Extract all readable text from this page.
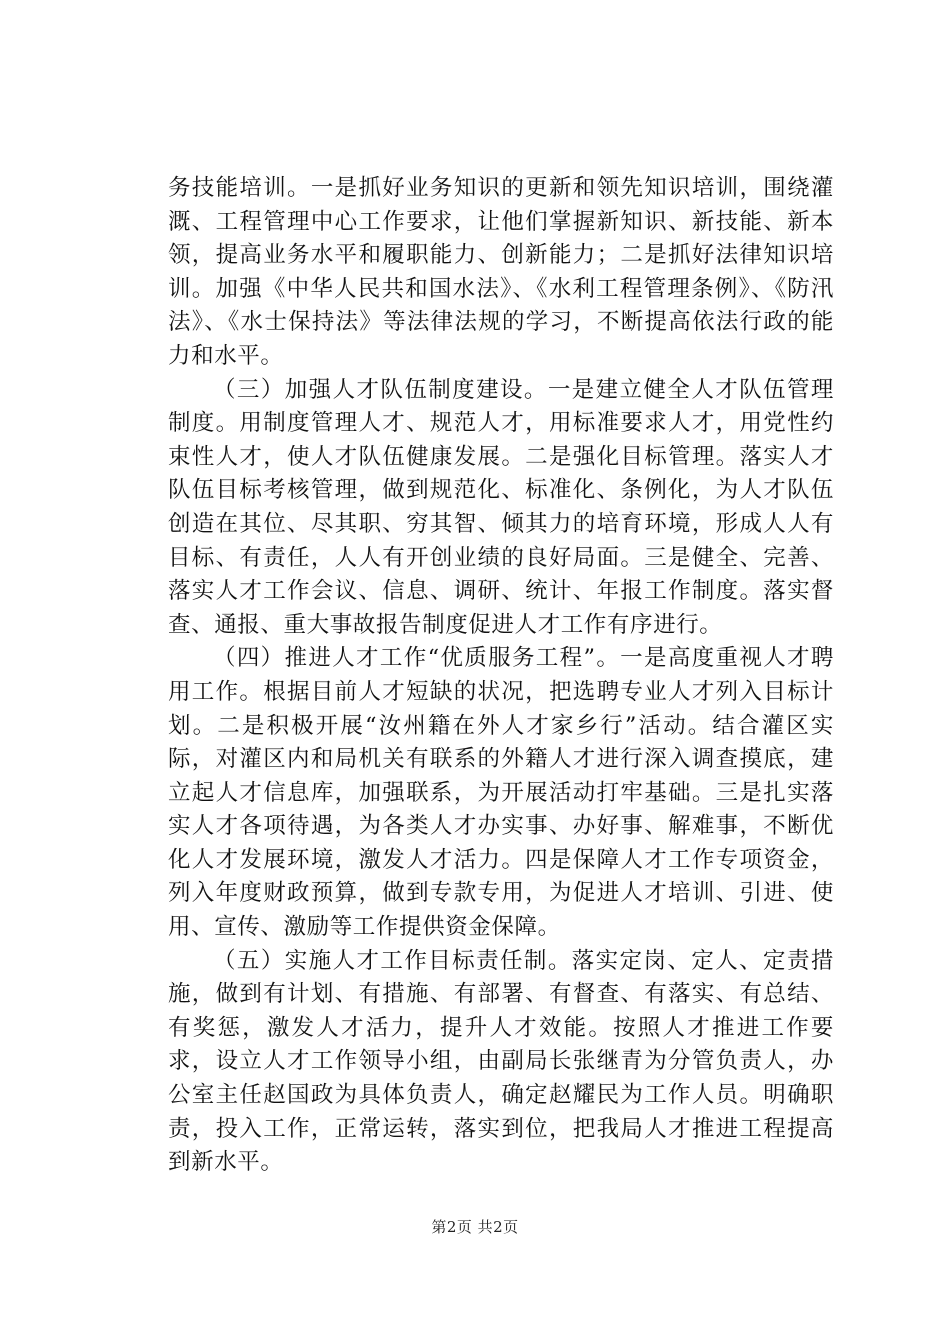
务技能培训。一是抓好业务知识的更新和领先知识培训，围绕灌溉、工程管理中心工作要求，让他们掌握新知识、新技能、新本领，提高业务水平和履职能力、创新能力；二是抓好法律知识培训。加强《中华人民共和国水法》、《水利工程管理条例》、《防汛法》、《水士保持法》等法律法规的学习，不断提高依法行政的能力和水平。

（三）加强人才队伍制度建设。一是建立健全人才队伍管理制度。用制度管理人才、规范人才，用标准要求人才，用党性约束性人才，使人才队伍健康发展。二是强化目标管理。落实人才队伍目标考核管理，做到规范化、标准化、条例化，为人才队伍创造在其位、尽其职、穷其智、倾其力的培育环境，形成人人有目标、有责任，人人有开创业绩的良好局面。三是健全、完善、落实人才工作会议、信息、调研、统计、年报工作制度。落实督查、通报、重大事故报告制度促进人才工作有序进行。

（四）推进人才工作“优质服务工程”。一是高度重视人才聘用工作。根据目前人才短缺的状况，把选聘专业人才列入目标计划。二是积极开展“汝州籍在外人才家乡行”活动。结合灌区实际，对灌区内和局机关有联系的外籍人才进行深入调查摸底，建立起人才信息库，加强联系，为开展活动打牢基础。三是扎实落实人才各项待遇，为各类人才办实事、办好事、解难事，不断优化人才发展环境，激发人才活力。四是保障人才工作专项资金，列入年度财政预算，做到专款专用，为促进人才培训、引进、使用、宣传、激励等工作提供资金保障。

（五）实施人才工作目标责任制。落实定岗、定人、定责措施，做到有计划、有措施、有部署、有督查、有落实、有总结、有奖惩，激发人才活力，提升人才效能。按照人才推进工作要求，设立人才工作领导小组，由副局长张继青为分管负责人，办公室主任赵国政为具体负责人，确定赵耀民为工作人员。明确职责，投入工作，正常运转，落实到位，把我局人才推进工程提高到新水平。

第2页 共2页
